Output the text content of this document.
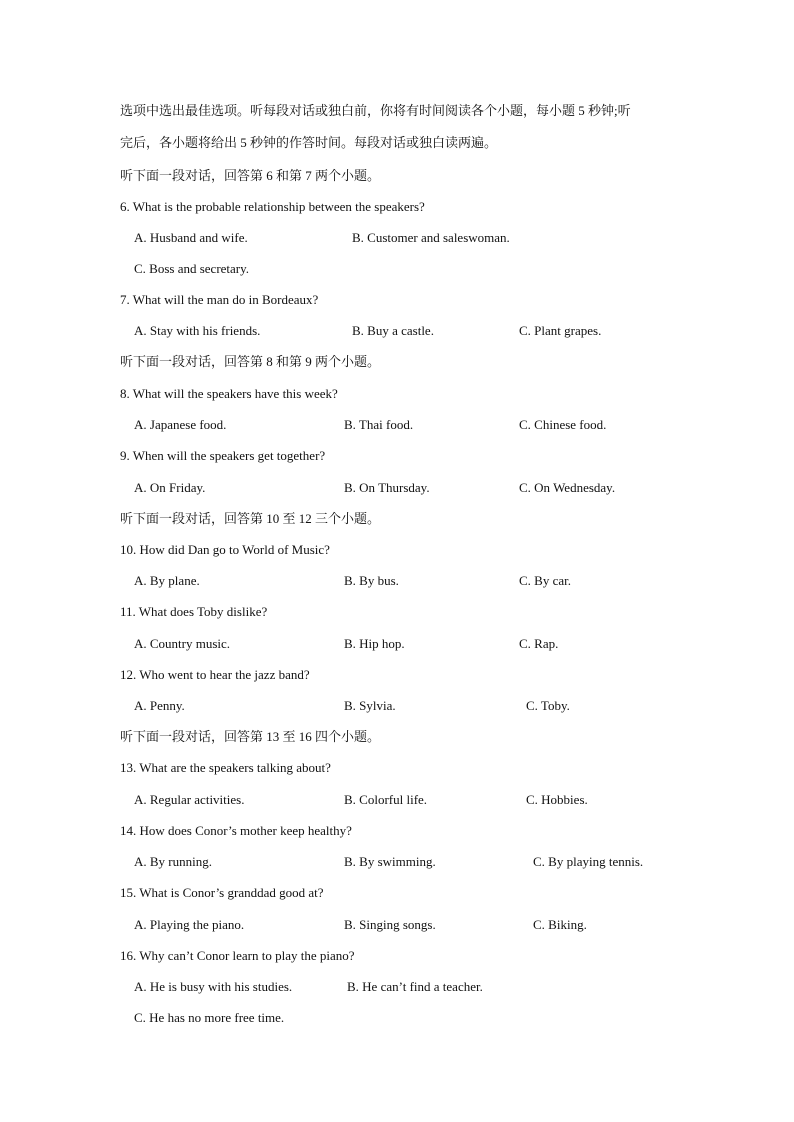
选项中选出最佳选项。听每段对话或独白前，你将有时间阅读各个小题，每小题 5 秒钟;听
完后，各小题将给出 5 秒钟的作答时间。每段对话或独白读两遍。
听下面一段对话，回答第 6 和第 7 两个小题。
6. What is the probable relationship between the speakers?
A. Husband and wife.	B. Customer and saleswoman.
C. Boss and secretary.
7. What will the man do in Bordeaux?
A. Stay with his friends.	B. Buy a castle.	C. Plant grapes.
听下面一段对话，回答第 8 和第 9 两个小题。
8. What will the speakers have this week?
A. Japanese food.	B. Thai food.	C. Chinese food.
9. When will the speakers get together?
A. On Friday.	B. On Thursday.	C. On Wednesday.
听下面一段对话，回答第 10 至 12 三个小题。
10. How did Dan go to World of Music?
A. By plane.	B. By bus.	C. By car.
11. What does Toby dislike?
A. Country music.	B. Hip hop.	C. Rap.
12. Who went to hear the jazz band?
A. Penny.	B. Sylvia.	C. Toby.
听下面一段对话，回答第 13 至 16 四个小题。
13. What are the speakers talking about?
A. Regular activities.	B. Colorful life.	C. Hobbies.
14. How does Conor’s mother keep healthy?
A. By running.	B. By swimming.	C. By playing tennis.
15. What is Conor’s granddad good at?
A. Playing the piano.	B. Singing songs.	C. Biking.
16. Why can’t Conor learn to play the piano?
A. He is busy with his studies.	B. He can’t find a teacher.
C. He has no more free time.
